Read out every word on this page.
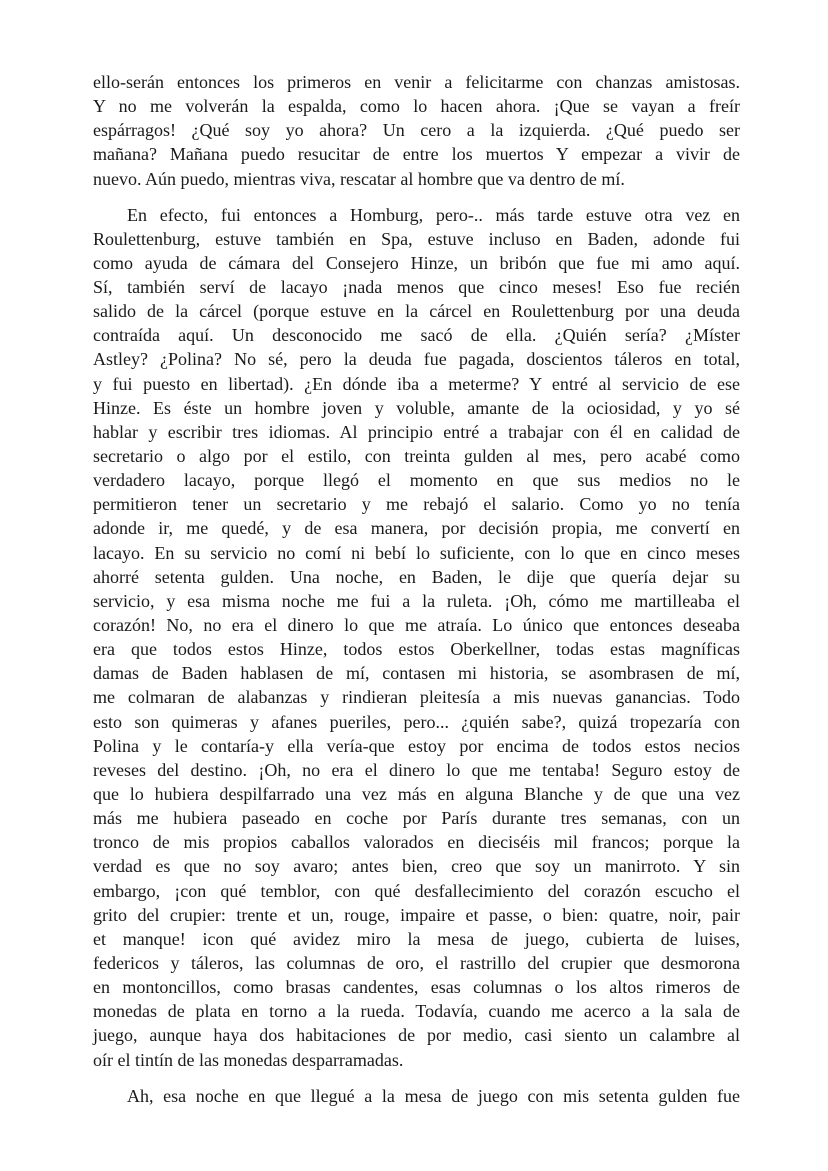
ello-serán entonces los primeros en venir a felicitarme con chanzas amistosas.
Y no me volverán la espalda, como lo hacen ahora. ¡Que se vayan a freír
espárragos! ¿Qué soy yo ahora? Un cero a la izquierda. ¿Qué puedo ser
mañana? Mañana puedo resucitar de entre los muertos Y empezar a vivir de
nuevo. Aún puedo, mientras viva, rescatar al hombre que va dentro de mí.
En efecto, fui entonces a Homburg, pero-.. más tarde estuve otra vez en
Roulettenburg, estuve también en Spa, estuve incluso en Baden, adonde fui
como ayuda de cámara del Consejero Hinze, un bribón que fue mi amo aquí.
Sí, también serví de lacayo ¡nada menos que cinco meses! Eso fue recién
salido de la cárcel (porque estuve en la cárcel en Roulettenburg por una deuda
contraída aquí. Un desconocido me sacó de ella. ¿Quién sería? ¿Míster
Astley? ¿Polina? No sé, pero la deuda fue pagada, doscientos táleros en total,
y fui puesto en libertad). ¿En dónde iba a meterme? Y entré al servicio de ese
Hinze. Es éste un hombre joven y voluble, amante de la ociosidad, y yo sé
hablar y escribir tres idiomas. Al principio entré a trabajar con él en calidad de
secretario o algo por el estilo, con treinta gulden al mes, pero acabé como
verdadero lacayo, porque llegó el momento en que sus medios no le
permitieron tener un secretario y me rebajó el salario. Como yo no tenía
adonde ir, me quedé, y de esa manera, por decisión propia, me convertí en
lacayo. En su servicio no comí ni bebí lo suficiente, con lo que en cinco meses
ahorré setenta gulden. Una noche, en Baden, le dije que quería dejar su
servicio, y esa misma noche me fui a la ruleta. ¡Oh, cómo me martilleaba el
corazón! No, no era el dinero lo que me atraía. Lo único que entonces deseaba
era que todos estos Hinze, todos estos Oberkellner, todas estas magníficas
damas de Baden hablasen de mí, contasen mi historia, se asombrasen de mí,
me colmaran de alabanzas y rindieran pleitesía a mis nuevas ganancias. Todo
esto son quimeras y afanes pueriles, pero... ¿quién sabe?, quizá tropezaría con
Polina y le contaría-y ella vería-que estoy por encima de todos estos necios
reveses del destino. ¡Oh, no era el dinero lo que me tentaba! Seguro estoy de
que lo hubiera despilfarrado una vez más en alguna Blanche y de que una vez
más me hubiera paseado en coche por París durante tres semanas, con un
tronco de mis propios caballos valorados en dieciséis mil francos; porque la
verdad es que no soy avaro; antes bien, creo que soy un manirroto. Y sin
embargo, ¡con qué temblor, con qué desfallecimiento del corazón escucho el
grito del crupier: trente et un, rouge, impaire et passe, o bien: quatre, noir, pair
et manque! icon qué avidez miro la mesa de juego, cubierta de luises,
federicos y táleros, las columnas de oro, el rastrillo del crupier que desmorona
en montoncillos, como brasas candentes, esas columnas o los altos rimeros de
monedas de plata en torno a la rueda. Todavía, cuando me acerco a la sala de
juego, aunque haya dos habitaciones de por medio, casi siento un calambre al
oír el tintín de las monedas desparramadas.
Ah, esa noche en que llegué a la mesa de juego con mis setenta gulden fue
